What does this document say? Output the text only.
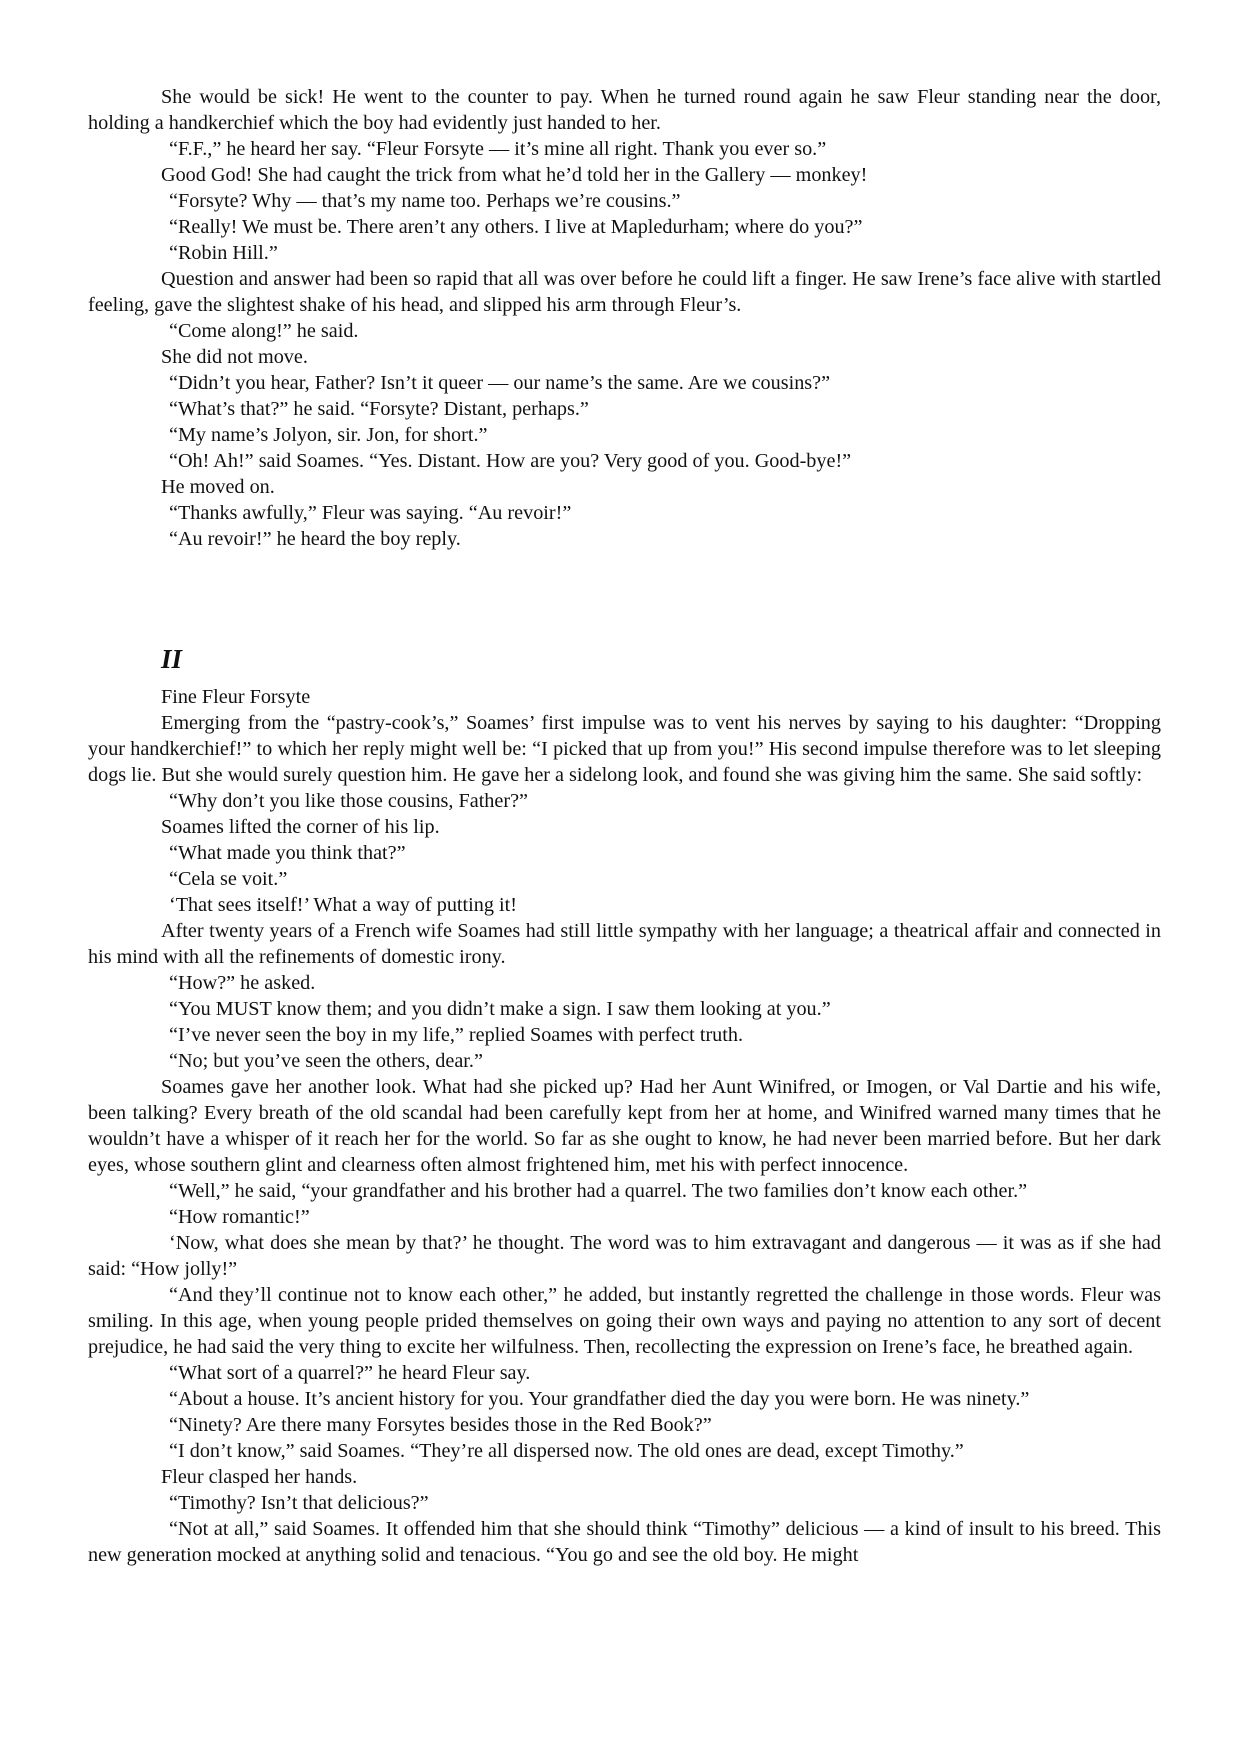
She would be sick! He went to the counter to pay. When he turned round again he saw Fleur standing near the door, holding a handkerchief which the boy had evidently just handed to her.

“F.F.,” he heard her say. “Fleur Forsyte — it’s mine all right. Thank you ever so.”

Good God! She had caught the trick from what he’d told her in the Gallery — monkey!

“Forsyte? Why — that’s my name too. Perhaps we’re cousins.”

“Really! We must be. There aren’t any others. I live at Mapledurham; where do you?”

“Robin Hill.”

Question and answer had been so rapid that all was over before he could lift a finger. He saw Irene’s face alive with startled feeling, gave the slightest shake of his head, and slipped his arm through Fleur’s.

“Come along!” he said.

She did not move.

“Didn’t you hear, Father? Isn’t it queer — our name’s the same. Are we cousins?”

“What’s that?” he said. “Forsyte? Distant, perhaps.”

“My name’s Jolyon, sir. Jon, for short.”

“Oh! Ah!” said Soames. “Yes. Distant. How are you? Very good of you. Good-bye!”

He moved on.

“Thanks awfully,” Fleur was saying. “Au revoir!”

“Au revoir!” he heard the boy reply.

II

Fine Fleur Forsyte

Emerging from the “pastry-cook’s,” Soames’ first impulse was to vent his nerves by saying to his daughter: “Dropping your handkerchief!” to which her reply might well be: “I picked that up from you!” His second impulse therefore was to let sleeping dogs lie. But she would surely question him. He gave her a sidelong look, and found she was giving him the same. She said softly:

“Why don’t you like those cousins, Father?”

Soames lifted the corner of his lip.

“What made you think that?”

“Cela se voit.”

‘That sees itself!’ What a way of putting it!

After twenty years of a French wife Soames had still little sympathy with her language; a theatrical affair and connected in his mind with all the refinements of domestic irony.

“How?” he asked.

“You MUST know them; and you didn’t make a sign. I saw them looking at you.”

“I’ve never seen the boy in my life,” replied Soames with perfect truth.

“No; but you’ve seen the others, dear.”

Soames gave her another look. What had she picked up? Had her Aunt Winifred, or Imogen, or Val Dartie and his wife, been talking? Every breath of the old scandal had been carefully kept from her at home, and Winifred warned many times that he wouldn’t have a whisper of it reach her for the world. So far as she ought to know, he had never been married before. But her dark eyes, whose southern glint and clearness often almost frightened him, met his with perfect innocence.

“Well,” he said, “your grandfather and his brother had a quarrel. The two families don’t know each other.”

“How romantic!”

‘Now, what does she mean by that?’ he thought. The word was to him extravagant and dangerous — it was as if she had said: “How jolly!”

“And they’ll continue not to know each other,” he added, but instantly regretted the challenge in those words. Fleur was smiling. In this age, when young people prided themselves on going their own ways and paying no attention to any sort of decent prejudice, he had said the very thing to excite her wilfulness. Then, recollecting the expression on Irene’s face, he breathed again.

“What sort of a quarrel?” he heard Fleur say.

“About a house. It’s ancient history for you. Your grandfather died the day you were born. He was ninety.”

“Ninety? Are there many Forsytes besides those in the Red Book?”

“I don’t know,” said Soames. “They’re all dispersed now. The old ones are dead, except Timothy.”

Fleur clasped her hands.

“Timothy? Isn’t that delicious?”

“Not at all,” said Soames. It offended him that she should think “Timothy” delicious — a kind of insult to his breed. This new generation mocked at anything solid and tenacious. “You go and see the old boy. He might
